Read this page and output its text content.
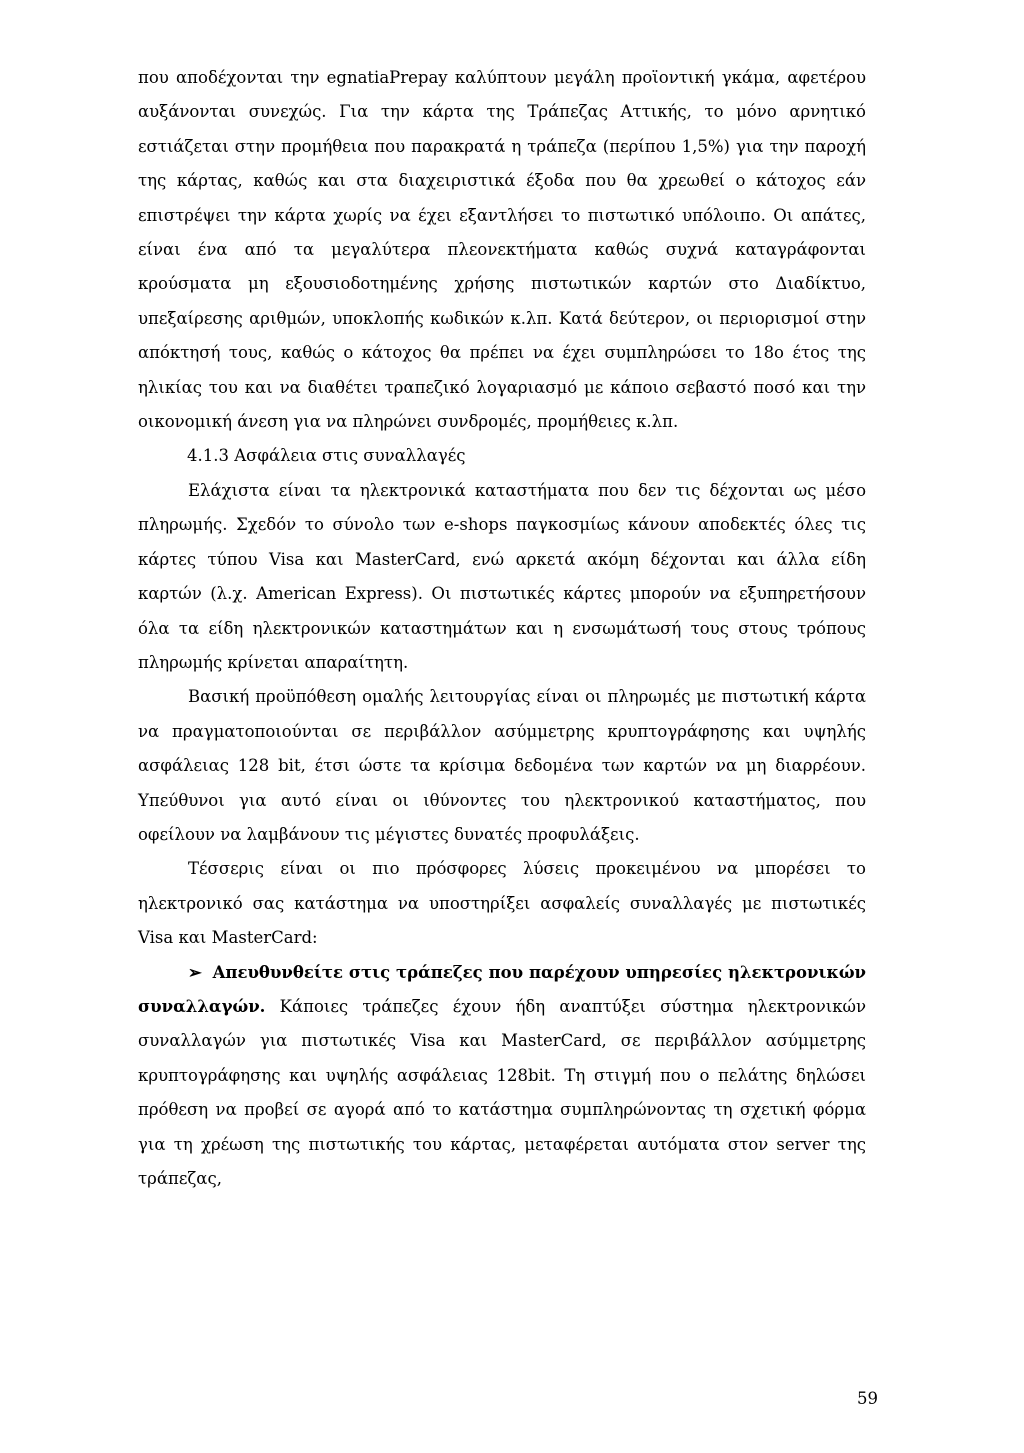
που αποδέχονται την egnatiaPrepay καλύπτουν μεγάλη προϊοντική γκάμα, αφετέρου αυξάνονται συνεχώς. Για την κάρτα της Τράπεζας Αττικής, το μόνο αρνητικό εστιάζεται στην προμήθεια που παρακρατά η τράπεζα (περίπου 1,5%) για την παροχή της κάρτας, καθώς και στα διαχειριστικά έξοδα που θα χρεωθεί ο κάτοχος εάν επιστρέψει την κάρτα χωρίς να έχει εξαντλήσει το πιστωτικό υπόλοιπο. Οι απάτες, είναι ένα από τα μεγαλύτερα πλεονεκτήματα καθώς συχνά καταγράφονται κρούσματα μη εξουσιοδοτημένης χρήσης πιστωτικών καρτών στο Διαδίκτυο, υπεξαίρεσης αριθμών, υποκλοπής κωδικών κ.λπ. Κατά δεύτερον, οι περιορισμοί στην απόκτησή τους, καθώς ο κάτοχος θα πρέπει να έχει συμπληρώσει το 18ο έτος της ηλικίας του και να διαθέτει τραπεζικό λογαριασμό με κάποιο σεβαστό ποσό και την οικονομική άνεση για να πληρώνει συνδρομές, προμήθειες κ.λπ.

4.1.3 Ασφάλεια στις συναλλαγές

Ελάχιστα είναι τα ηλεκτρονικά καταστήματα που δεν τις δέχονται ως μέσο πληρωμής. Σχεδόν το σύνολο των e-shops παγκοσμίως κάνουν αποδεκτές όλες τις κάρτες τύπου Visa και MasterCard, ενώ αρκετά ακόμη δέχονται και άλλα είδη καρτών (λ.χ. American Express). Οι πιστωτικές κάρτες μπορούν να εξυπηρετήσουν όλα τα είδη ηλεκτρονικών καταστημάτων και η ενσωμάτωσή τους στους τρόπους πληρωμής κρίνεται απαραίτητη.

Βασική προϋπόθεση ομαλής λειτουργίας είναι οι πληρωμές με πιστωτική κάρτα να πραγματοποιούνται σε περιβάλλον ασύμμετρης κρυπτογράφησης και υψηλής ασφάλειας 128 bit, έτσι ώστε τα κρίσιμα δεδομένα των καρτών να μη διαρρέουν. Υπεύθυνοι για αυτό είναι οι ιθύνοντες του ηλεκτρονικού καταστήματος, που οφείλουν να λαμβάνουν τις μέγιστες δυνατές προφυλάξεις.

Τέσσερις είναι οι πιο πρόσφορες λύσεις προκειμένου να μπορέσει το ηλεκτρονικό σας κατάστημα να υποστηρίξει ασφαλείς συναλλαγές με πιστωτικές Visa και MasterCard:

➢ Απευθυνθείτε στις τράπεζες που παρέχουν υπηρεσίες ηλεκτρονικών συναλλαγών. Κάποιες τράπεζες έχουν ήδη αναπτύξει σύστημα ηλεκτρονικών συναλλαγών για πιστωτικές Visa και MasterCard, σε περιβάλλον ασύμμετρης κρυπτογράφησης και υψηλής ασφάλειας 128bit. Τη στιγμή που ο πελάτης δηλώσει πρόθεση να προβεί σε αγορά από το κατάστημα συμπληρώνοντας τη σχετική φόρμα για τη χρέωση της πιστωτικής του κάρτας, μεταφέρεται αυτόματα στον server της τράπεζας,

59
